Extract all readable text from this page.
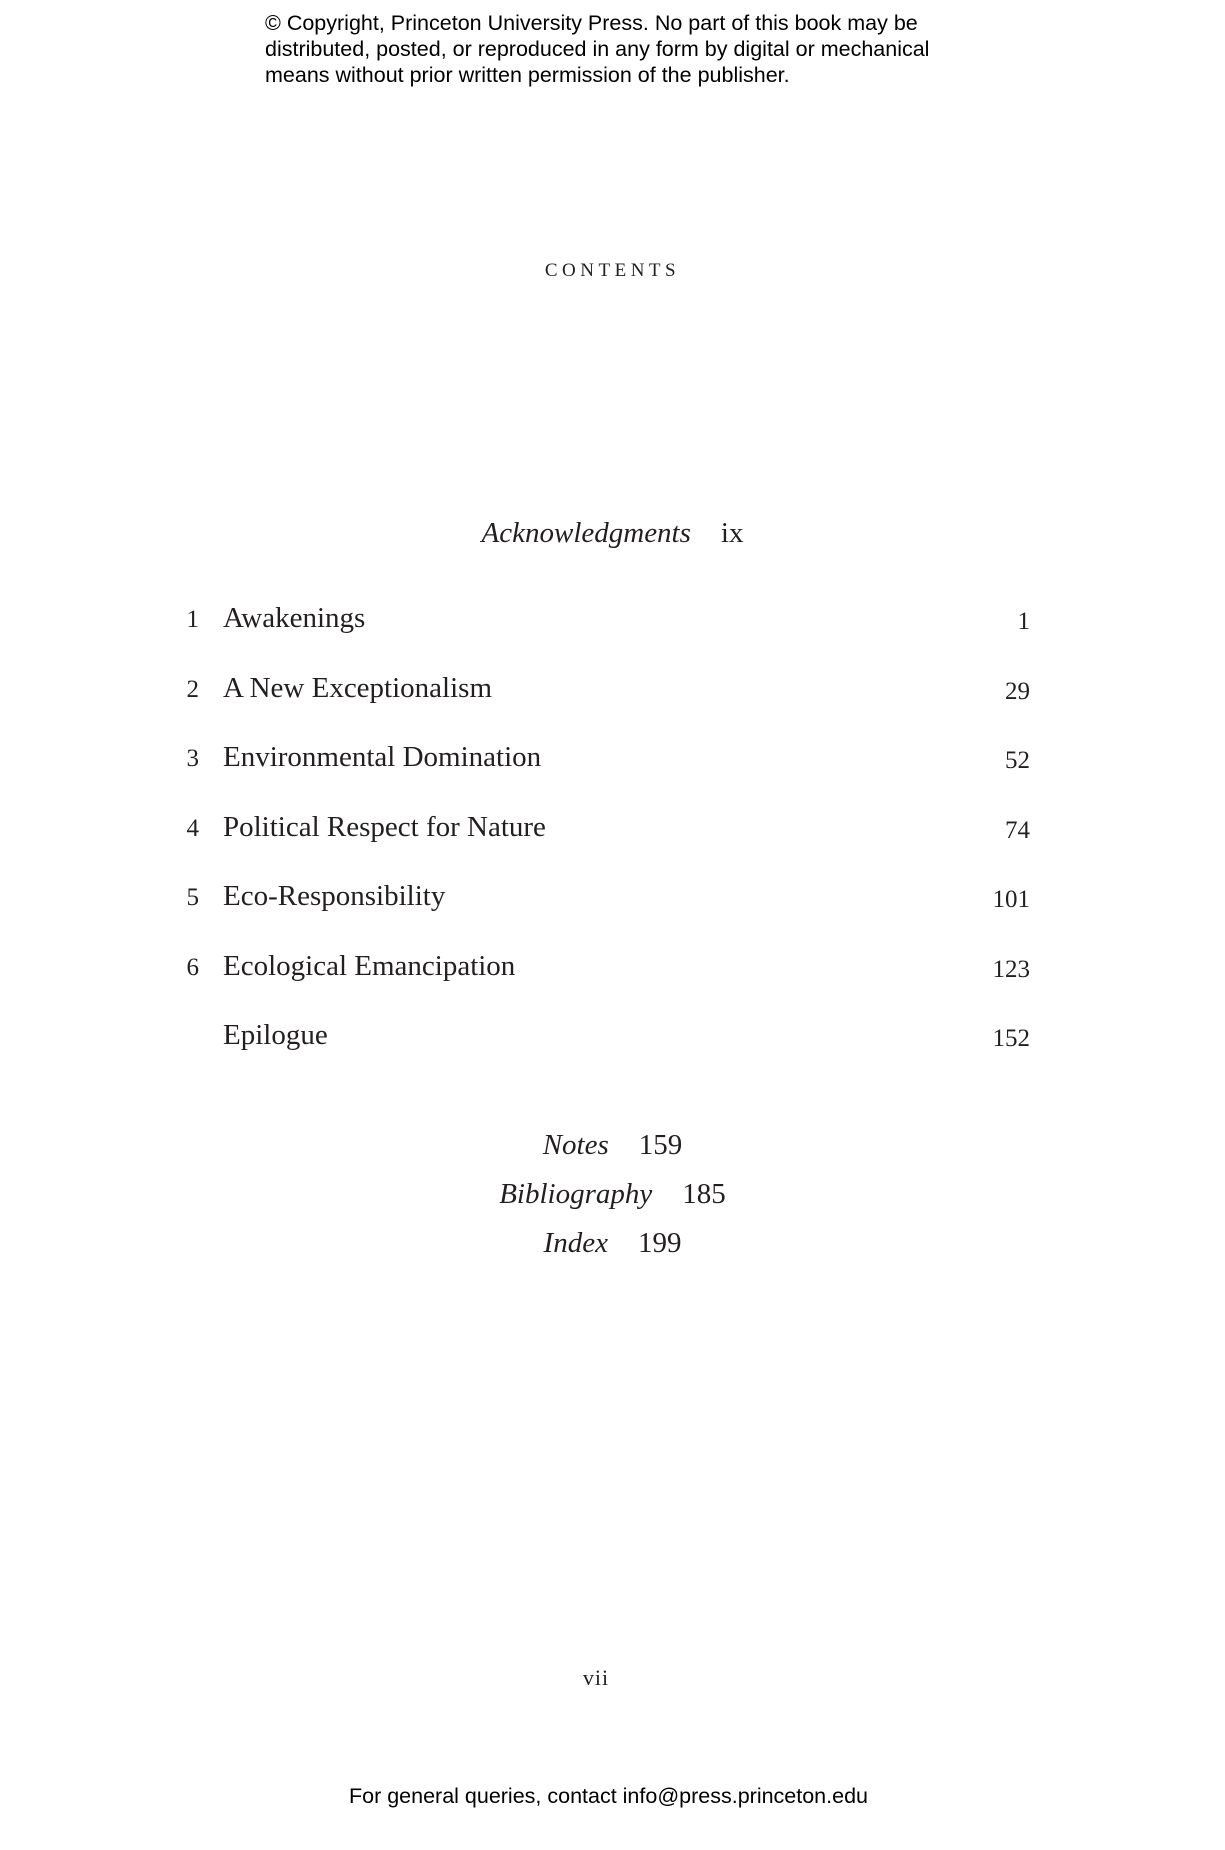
© Copyright, Princeton University Press. No part of this book may be
distributed, posted, or reproduced in any form by digital or mechanical
means without prior written permission of the publisher.
contents
Acknowledgments ix
1 Awakenings	1
2 A New Exceptionalism	29
3 Environmental Domination	52
4 Political Respect for Nature	74
5 Eco-Responsibility	101
6 Ecological Emancipation	123
Epilogue	152
Notes 159
Bibliography 185
Index 199
vii
For general queries, contact info@press.princeton.edu
